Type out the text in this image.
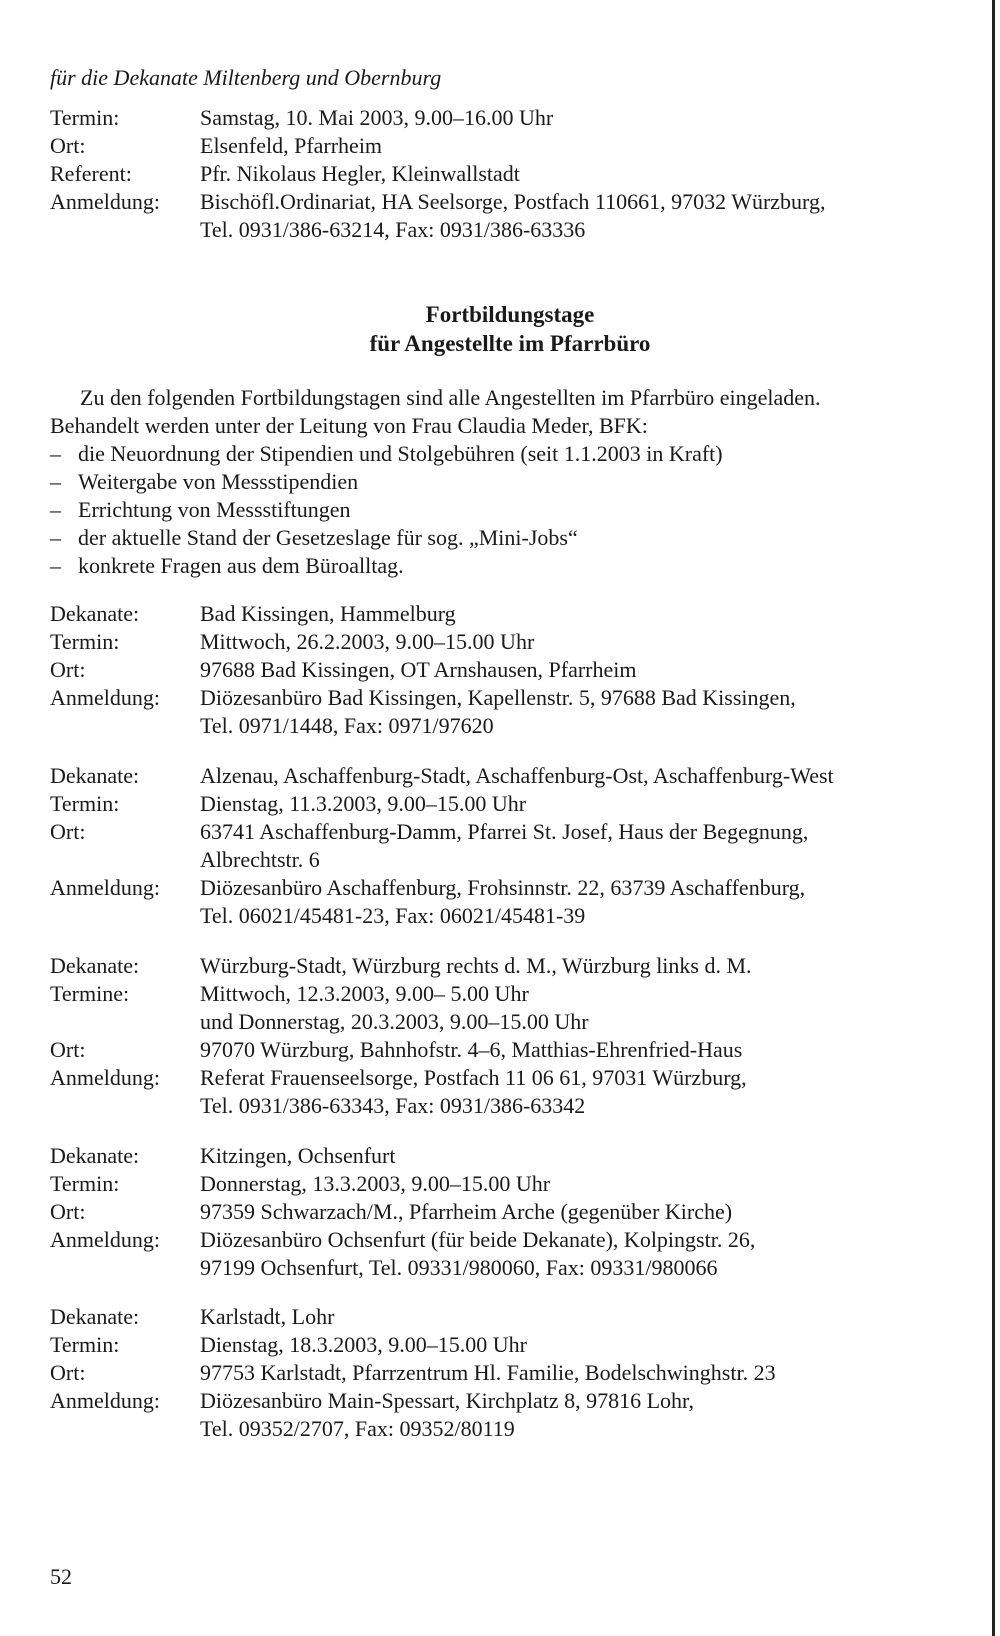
für die Dekanate Miltenberg und Obernburg
Termin:	Samstag, 10. Mai 2003, 9.00–16.00 Uhr
Ort:	Elsenfeld, Pfarrheim
Referent:	Pfr. Nikolaus Hegler, Kleinwallstadt
Anmeldung:	Bischöfl.Ordinariat, HA Seelsorge, Postfach 110661, 97032 Würzburg,
Tel. 0931/386-63214, Fax: 0931/386-63336
Fortbildungstage
für Angestellte im Pfarrbüro
Zu den folgenden Fortbildungstagen sind alle Angestellten im Pfarrbüro eingeladen.
Behandelt werden unter der Leitung von Frau Claudia Meder, BFK:
– die Neuordnung der Stipendien und Stolgebühren (seit 1.1.2003 in Kraft)
– Weitergabe von Messstipendien
– Errichtung von Messstiftungen
– der aktuelle Stand der Gesetzeslage für sog. „Mini-Jobs“
– konkrete Fragen aus dem Büroalltag.
Dekanate:	Bad Kissingen, Hammelburg
Termin:	Mittwoch, 26.2.2003, 9.00–15.00 Uhr
Ort:	97688 Bad Kissingen, OT Arnshausen, Pfarrheim
Anmeldung:	Diözesanbüro Bad Kissingen, Kapellenstr. 5, 97688 Bad Kissingen,
Tel. 0971/1448, Fax: 0971/97620
Dekanate:	Alzenau, Aschaffenburg-Stadt, Aschaffenburg-Ost, Aschaffenburg-West
Termin:	Dienstag, 11.3.2003, 9.00–15.00 Uhr
Ort:	63741 Aschaffenburg-Damm, Pfarrei St. Josef, Haus der Begegnung,
Albrechtstr. 6
Anmeldung:	Diözesanbüro Aschaffenburg, Frohsinnstr. 22, 63739 Aschaffenburg,
Tel. 06021/45481-23, Fax: 06021/45481-39
Dekanate:	Würzburg-Stadt, Würzburg rechts d. M., Würzburg links d. M.
Termine:	Mittwoch, 12.3.2003, 9.00– 5.00 Uhr
und Donnerstag, 20.3.2003, 9.00–15.00 Uhr
Ort:	97070 Würzburg, Bahnhofstr. 4–6, Matthias-Ehrenfried-Haus
Anmeldung:	Referat Frauenseelsorge, Postfach 11 06 61, 97031 Würzburg,
Tel. 0931/386-63343, Fax: 0931/386-63342
Dekanate:	Kitzingen, Ochsenfurt
Termin:	Donnerstag, 13.3.2003, 9.00–15.00 Uhr
Ort:	97359 Schwarzach/M., Pfarrheim Arche (gegenüber Kirche)
Anmeldung:	Diözesanbüro Ochsenfurt (für beide Dekanate), Kolpingstr. 26,
97199 Ochsenfurt, Tel. 09331/980060, Fax: 09331/980066
Dekanate:	Karlstadt, Lohr
Termin:	Dienstag, 18.3.2003, 9.00–15.00 Uhr
Ort:	97753 Karlstadt, Pfarrzentrum Hl. Familie, Bodelschwinghstr. 23
Anmeldung:	Diözesanbüro Main-Spessart, Kirchplatz 8, 97816 Lohr,
Tel. 09352/2707, Fax: 09352/80119
52
